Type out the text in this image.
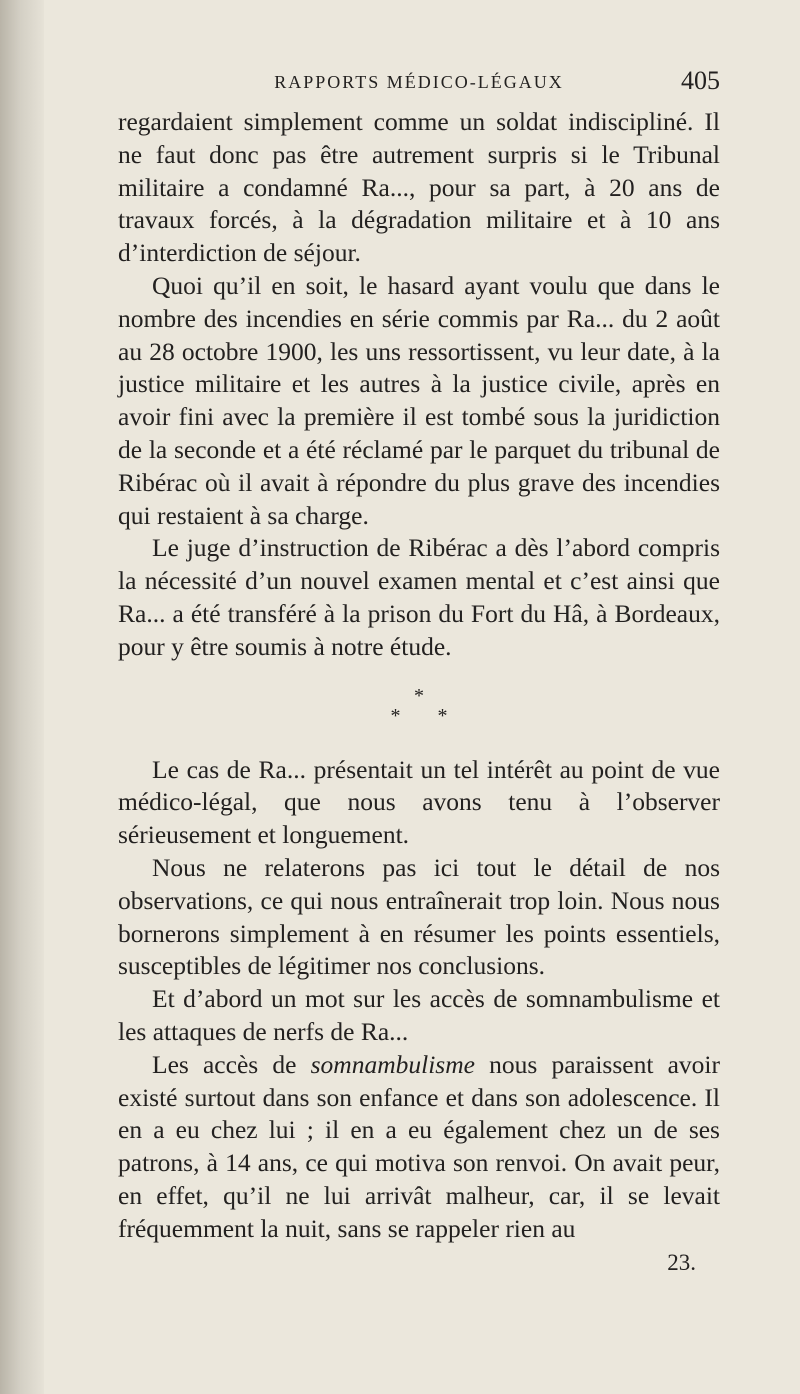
RAPPORTS MÉDICO-LÉGAUX	405

regardaient simplement comme un soldat indiscipliné. Il ne faut donc pas être autrement surpris si le Tribunal militaire a condamné Ra..., pour sa part, à 20 ans de travaux forcés, à la dégradation militaire et à 10 ans d’interdiction de séjour.

Quoi qu’il en soit, le hasard ayant voulu que dans le nombre des incendies en série commis par Ra... du 2 août au 28 octobre 1900, les uns ressortissent, vu leur date, à la justice militaire et les autres à la justice civile, après en avoir fini avec la première il est tombé sous la juridiction de la seconde et a été réclamé par le parquet du tribunal de Ribérac où il avait à répondre du plus grave des incendies qui restaient à sa charge.

Le juge d’instruction de Ribérac a dès l’abord compris la nécessité d’un nouvel examen mental et c’est ainsi que Ra... a été transféré à la prison du Fort du Hâ, à Bordeaux, pour y être soumis à notre étude.

*
* *

Le cas de Ra... présentait un tel intérêt au point de vue médico-légal, que nous avons tenu à l’observer sérieusement et longuement.

Nous ne relaterons pas ici tout le détail de nos observations, ce qui nous entraînerait trop loin. Nous nous bornerons simplement à en résumer les points essentiels, susceptibles de légitimer nos conclusions.

Et d’abord un mot sur les accès de somnambulisme et les attaques de nerfs de Ra...

Les accès de somnambulisme nous paraissent avoir existé surtout dans son enfance et dans son adolescence. Il en a eu chez lui ; il en a eu également chez un de ses patrons, à 14 ans, ce qui motiva son renvoi. On avait peur, en effet, qu’il ne lui arrivât malheur, car, il se levait fréquemment la nuit, sans se rappeler rien au

23.
